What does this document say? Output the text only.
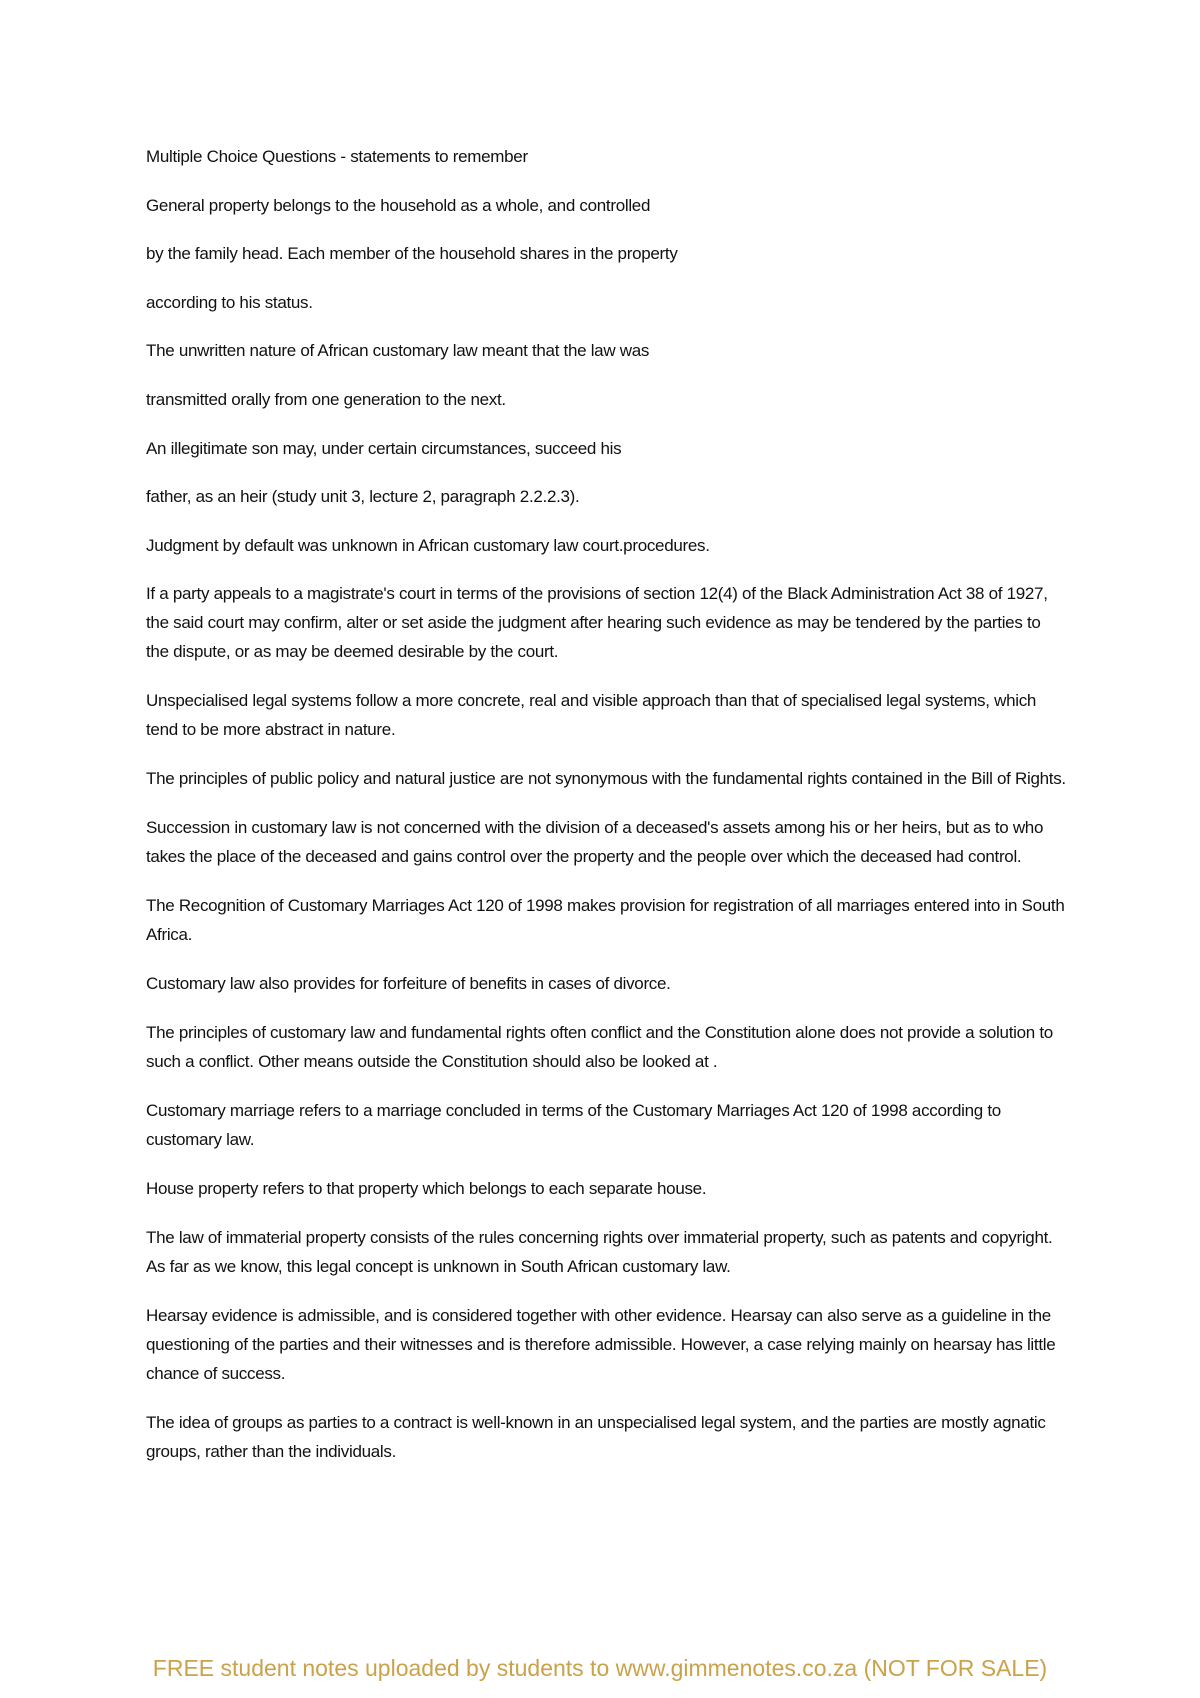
Multiple Choice Questions - statements to remember

General property belongs to the household as a whole, and controlled

by the family head. Each member of the household shares in the property

according to his status.

The unwritten nature of African customary law meant that the law was

transmitted orally from one generation to the next.

An illegitimate son may, under certain circumstances, succeed his

father, as an heir (study unit 3, lecture 2, paragraph 2.2.2.3).

Judgment by default was unknown in African customary law court.procedures.

If a party appeals to a magistrate's court in terms of the provisions of section 12(4) of the Black Administration Act 38 of 1927, the said court may confirm, alter or set aside the judgment after hearing such evidence as may be tendered by the parties to the dispute, or as may be deemed desirable by the court.

Unspecialised legal systems follow a more concrete, real and visible approach than that of specialised legal systems, which tend to be more abstract in nature.

The principles of public policy and natural justice are not synonymous with the fundamental rights contained in the Bill of Rights.

Succession in customary law is not concerned with the division of a deceased's assets among his or her heirs, but as to who takes the place of the deceased and gains control over the property and the people over which the deceased had control.

The Recognition of Customary Marriages Act 120 of 1998 makes provision for registration of all marriages entered into in South Africa.

Customary law also provides for forfeiture of benefits in cases of divorce.

The principles of customary law and fundamental rights often conflict and the Constitution alone does not provide a solution to such a conflict. Other means outside the Constitution should also be looked at .

Customary marriage refers to a marriage concluded in terms of the Customary Marriages Act 120 of 1998 according to customary law.

House property refers to that property which belongs to each separate house.

The law of immaterial property consists of the rules concerning rights over immaterial property, such as patents and copyright. As far as we know, this legal concept is unknown in South African customary law.

Hearsay evidence is admissible, and is considered together with other evidence. Hearsay can also serve as a guideline in the questioning of the parties and their witnesses and is therefore admissible. However, a case relying mainly on hearsay has little chance of success.

The idea of groups as parties to a contract is well-known in an unspecialised legal system, and the parties are mostly agnatic groups, rather than the individuals.

FREE student notes uploaded by students to www.gimmenotes.co.za (NOT FOR SALE)
